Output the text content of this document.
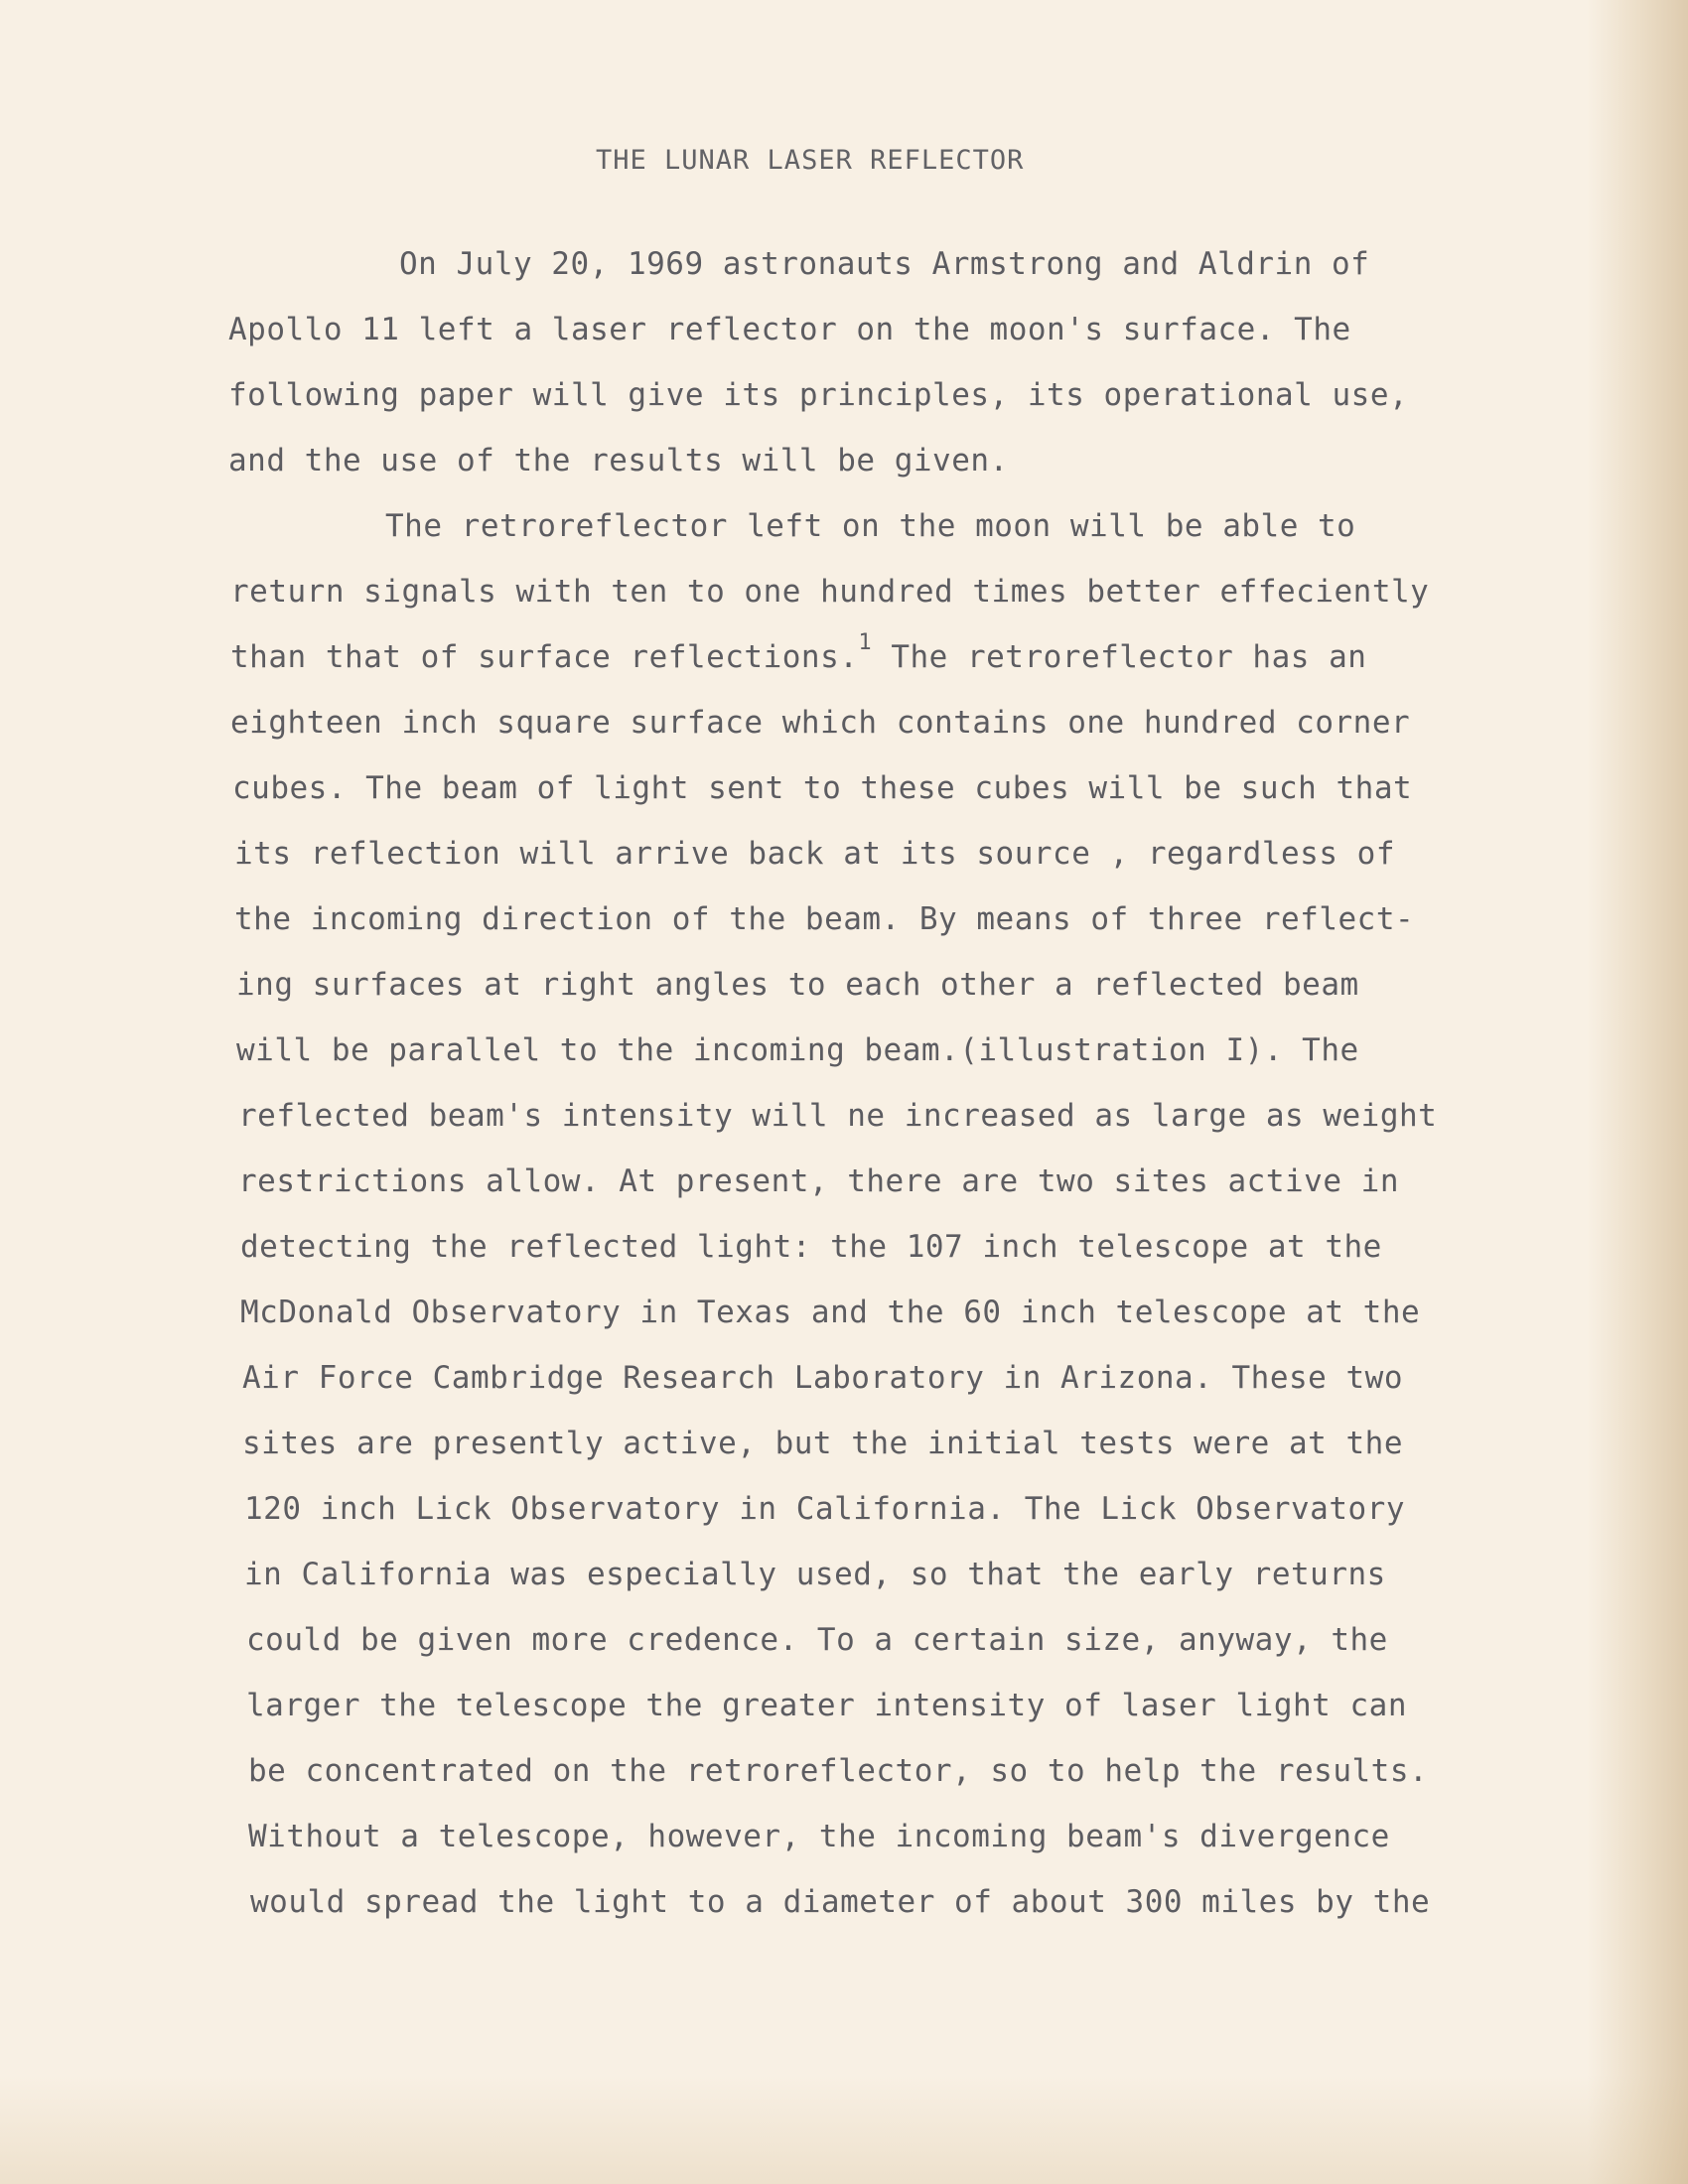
THE LUNAR LASER REFLECTOR

On July 20, 1969 astronauts Armstrong and Aldrin of

Apollo 11 left a laser reflector on the moon's surface. The

following paper will give its principles, its operational use,

and the use of the results will be given.

The retroreflector left on the moon will be able to

return signals with ten to one hundred times better effeciently

than that of surface reflections.$^1$ The retroreflector has an

eighteen inch square surface which contains one hundred corner

cubes. The beam of light sent to these cubes will be such that

its reflection will arrive back at its source , regardless of

the incoming direction of the beam. By means of three reflect-

ing surfaces at right angles to each other a reflected beam

will be parallel to the incoming beam.(illustration I). The

reflected beam's intensity will ne increased as large as weight

restrictions allow. At present, there are two sites active in

detecting the reflected light: the 107 inch telescope at the

McDonald Observatory in Texas and the 60 inch telescope at the

Air Force Cambridge Research Laboratory in Arizona. These two

sites are presently active, but the initial tests were at the

120 inch Lick Observatory in California. The Lick Observatory

in California was especially used, so that the early returns

could be given more credence. To a certain size, anyway, the

larger the telescope the greater intensity of laser light can

be concentrated on the retroreflector, so to help the results.

Without a telescope, however, the incoming beam's divergence

would spread the light to a diameter of about 300 miles by the
